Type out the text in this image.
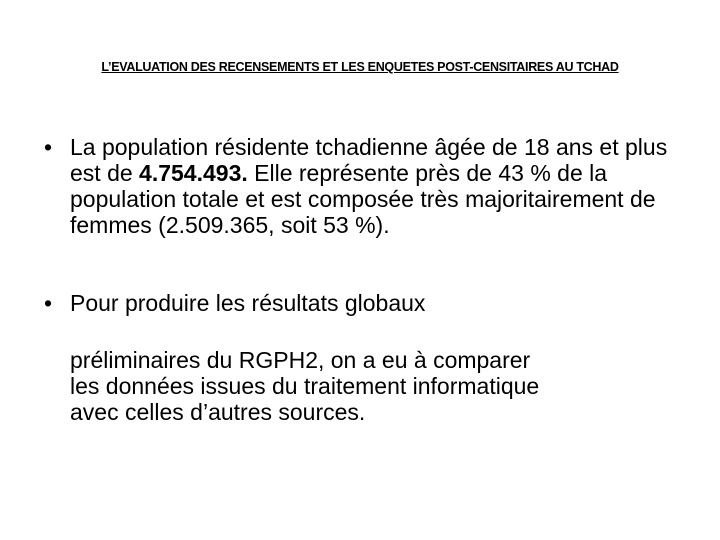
L’EVALUATION DES RECENSEMENTS ET LES ENQUETES POST-CENSITAIRES AU TCHAD
• La population résidente tchadienne âgée de 18 ans et plus est de 4.754.493. Elle représente près de 43 % de la population totale et est composée très majoritairement de femmes (2.509.365, soit 53 %).
• Pour produire les résultats globaux
préliminaires du RGPH2, on a eu à comparer
les données issues du traitement informatique
avec celles d’autres sources.
